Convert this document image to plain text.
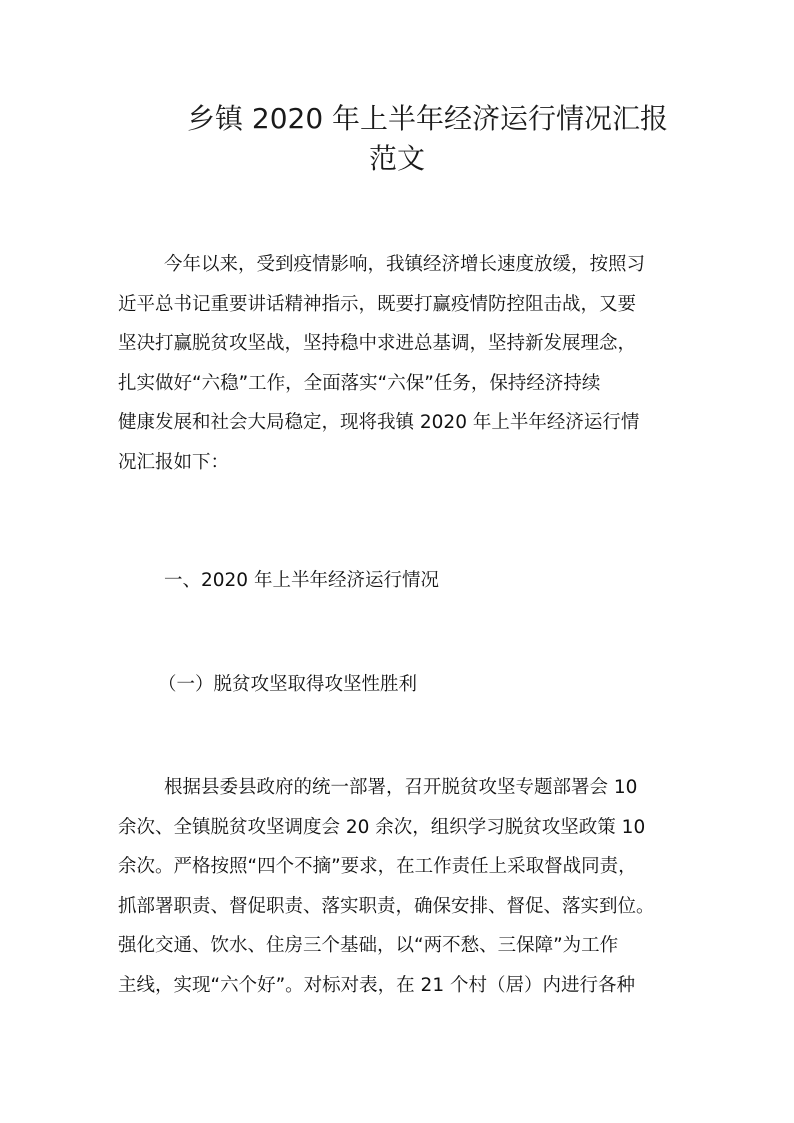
乡镇 2020 年上半年经济运行情况汇报
范文
今年以来，受到疫情影响，我镇经济增长速度放缓，按照习
近平总书记重要讲话精神指示，既要打赢疫情防控阻击战，又要
坚决打赢脱贫攻坚战，坚持稳中求进总基调，坚持新发展理念，
扎实做好“六稳”工作，全面落实“六保”任务，保持经济持续
健康发展和社会大局稳定，现将我镇 2020 年上半年经济运行情
况汇报如下：
一、2020 年上半年经济运行情况
（一）脱贫攻坚取得攻坚性胜利
根据县委县政府的统一部署，召开脱贫攻坚专题部署会 10
余次、全镇脱贫攻坚调度会 20 余次，组织学习脱贫攻坚政策 10
余次。严格按照“四个不摘”要求，在工作责任上采取督战同责，
抓部署职责、督促职责、落实职责，确保安排、督促、落实到位。
强化交通、饮水、住房三个基础，以“两不愁、三保障”为工作
主线，实现“六个好”。对标对表，在 21 个村（居）内进行各种
